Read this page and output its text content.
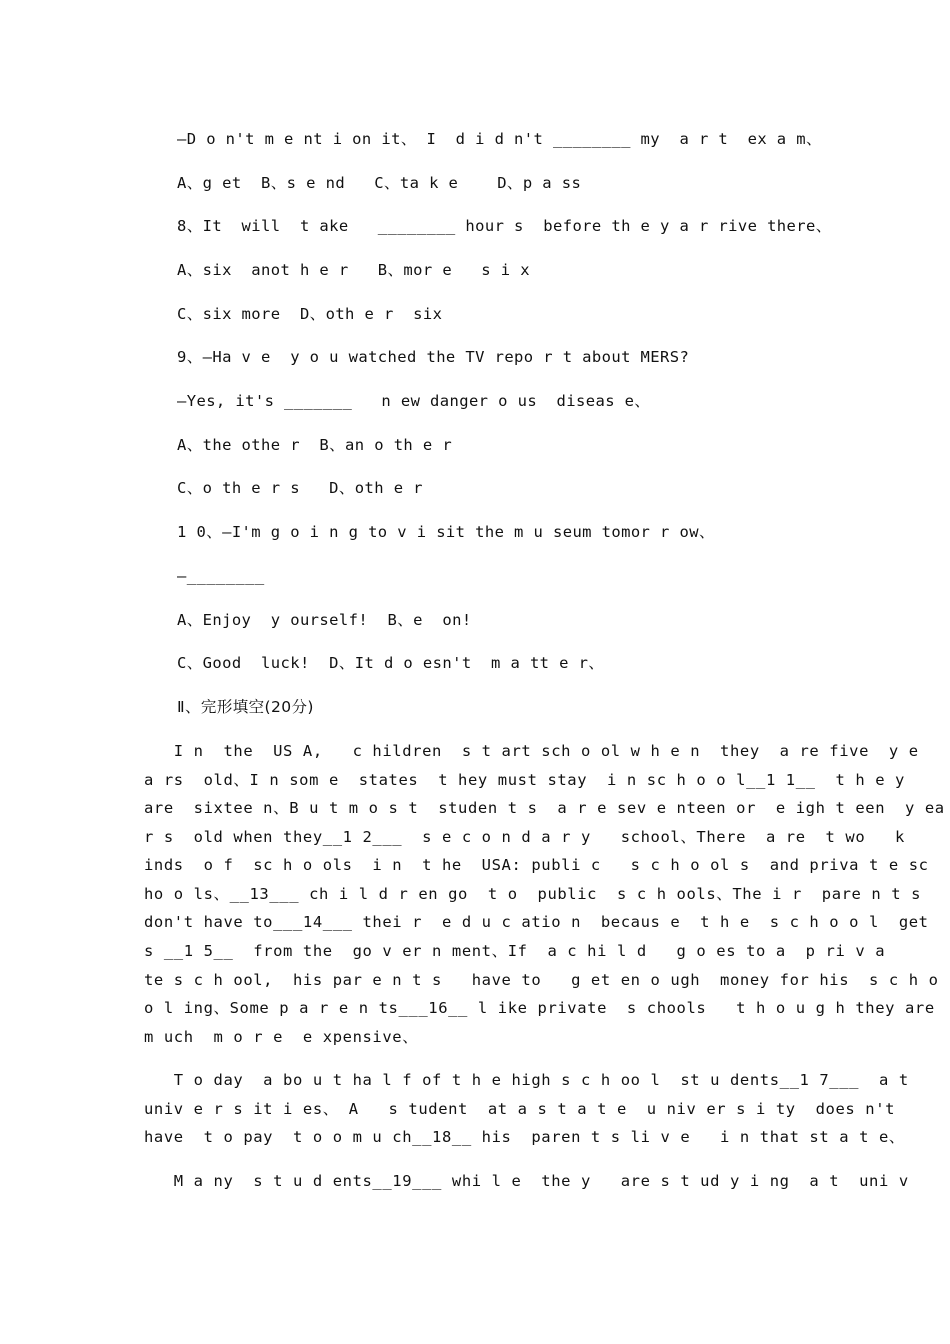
—D o n't m e nt i on it、 I  d i d n't ________ my  a r t  ex a m、
A、g et  B、s e nd   C、ta k e    D、p a ss
8、It  will  t ake   ________ hour s  before th e y a r rive there、
A、six  anot h e r   B、mor e   s i x
C、six more  D、oth e r  six
9、—Ha v e  y o u watched the TV repo r t about MERS?
—Yes, it's _______   n ew danger o us  diseas e、
A、the othe r  B、an o th e r
C、o th e r s   D、oth e r
1 0、—I'm g o i n g to v i sit the m u seum tomor r ow、
—________
A、Enjoy  y ourself!  B、e  on!
C、Good  luck!  D、It d o esn't  m a tt e r、
Ⅱ、完形填空(20分)
I n  the  US A,   c hildren  s t art sch o ol w h e n  they  a re five  y e
a rs  old、I n som e  states  t hey must stay  i n sc h o o l__1 1__  t h e y
are  sixtee n、B u t m o s t  studen t s  a r e sev e nteen or  e igh t een  y ea
r s  old when they__1 2___  s e c o n d a r y   school、There  a re  t wo   k
inds  o f  sc h o ols  i n  t he  USA: publi c   s c h o ol s  and priva t e sc
ho o ls、__13___ ch i l d r en go  t o  public  s c h ools、The i r  pare n t s
don't have to___14___ thei r  e d u c atio n  becaus e  t h e  s c h o o l  get
s __1 5__  from the  go v er n ment、If  a c hi l d   g o es to a  p ri v a
te s c h ool,  his par e n t s   have to   g et en o ugh  money for his  s c h o
o l ing、Some p a r e n ts___16__ l ike private  s chools   t h o u g h they are
m uch  m o r e  e xpensive、
T o day  a bo u t ha l f of t h e high s c h oo l  st u dents__1 7___  a t
univ e r s it i es、 A   s tudent  at a s t a t e  u niv er s i ty  does n't
have  t o pay  t o o m u ch__18__ his  paren t s li v e   i n that st a t e、
M a ny  s t u d ents__19___ whi l e  the y   are s t ud y i ng  a t  uni v
